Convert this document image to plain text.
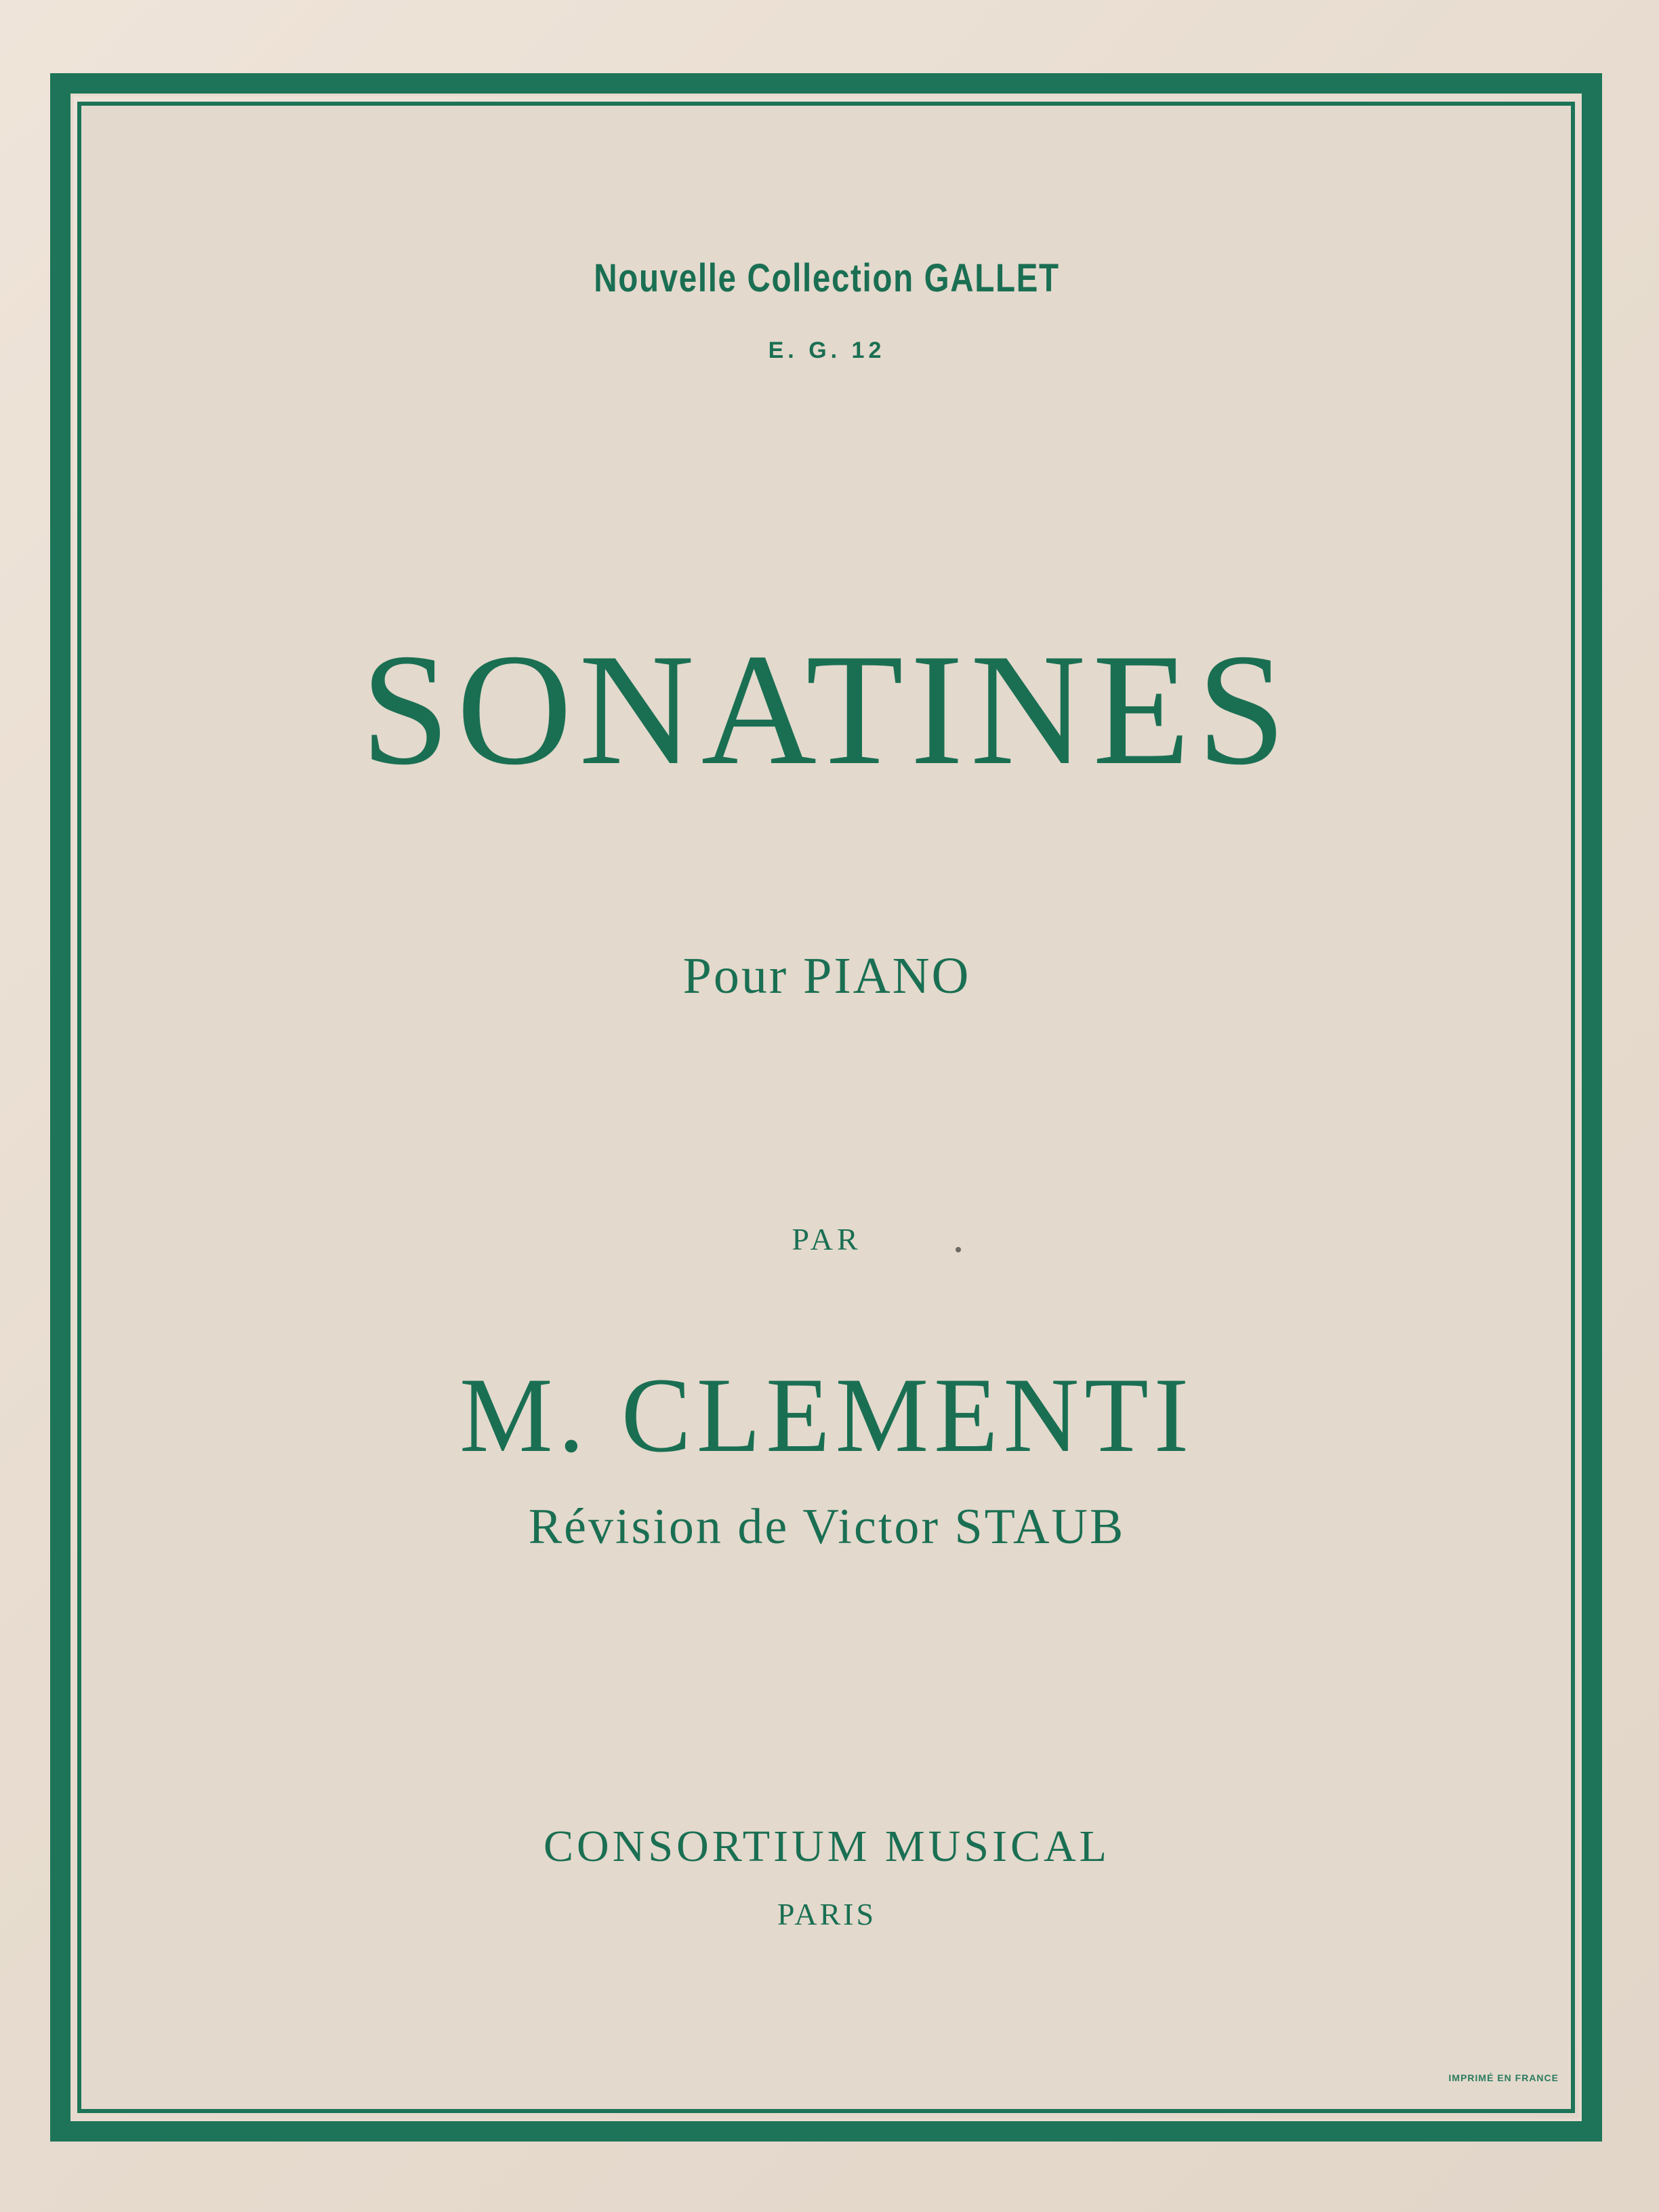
Nouvelle Collection GALLET
E. G. 12
SONATINES
Pour PIANO
PAR
M. CLEMENTI
Révision de Victor STAUB
CONSORTIUM MUSICAL
PARIS
IMPRIMÉ EN FRANCE
